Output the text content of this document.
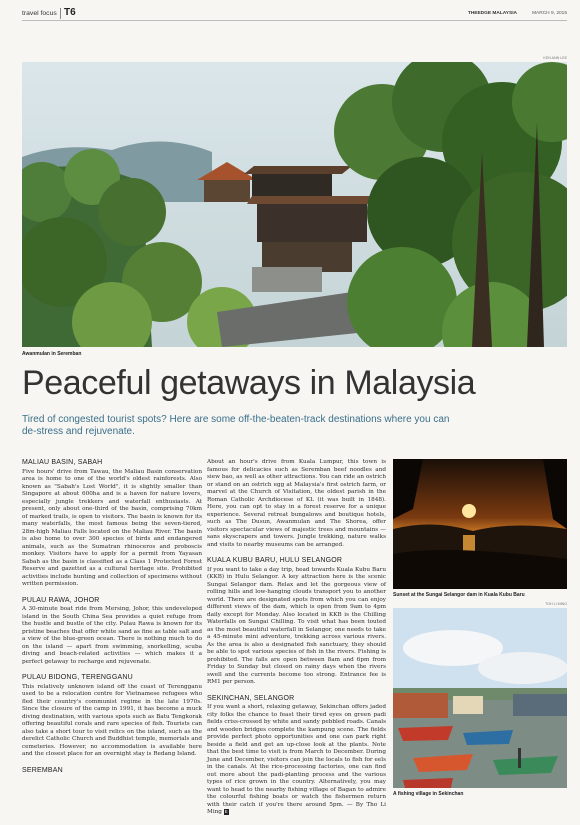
travel focus T6	THEEDGE MALAYSIA	MARCH 9, 2015
KEN ANN LEE
Awanmulan in Seremban
Peaceful getaways in Malaysia
Tired of congested tourist spots? Here are some off-the-beaten-track destinations where you can de-stress and rejuvenate.
MALIAU BASIN, SABAH

Five hours' drive from Tawau, the Maliau Basin conservation area is home to one of the world's oldest rainforests. Also known as "Sabah's Lost World", it is slightly smaller than Singapore at about 600ha and is a haven for nature lovers, especially jungle trekkers and waterfall enthusiasts. At present, only about one-third of the basin, comprising 70km of marked trails, is open to visitors. The basin is known for its many waterfalls, the most famous being the seven-tiered, 28m-high Maliau Falls located on the Maliau River. The basin is also home to over 300 species of birds and endangered animals, such as the Sumatran rhinoceros and proboscis monkey. Visitors have to apply for a permit from Yayasan Sabah as the basin is classified as a Class 1 Protected Forest Reserve and gazetted as a cultural heritage site. Prohibited activities include hunting and collection of specimens without written permission.

PULAU RAWA, JOHOR

A 30-minute boat ride from Mersing, Johor, this undeveloped island in the South China Sea provides a quiet refuge from the hustle and bustle of the city. Pulau Rawa is known for its pristine beaches that offer white sand as fine as table salt and a view of the blue-green ocean. There is nothing much to do on the island — apart from swimming, snorkelling, scuba diving and beach-related activities — which makes it a perfect getaway to recharge and rejuvenate.

PULAU BIDONG, TERENGGANU

This relatively unknown island off the coast of Terengganu used to be a relocation centre for Vietnamese refugees who fled their country's communist regime in the late 1970s. Since the closure of the camp in 1991, it has become a muck diving destination, with various spots such as Batu Tengkorak offering beautiful corals and rare species of fish. Tourists can also take a short tour to visit relics on the island, such as the derelict Catholic Church and Buddhist temple, memorials and cemeteries. However, no accommodation is available here and the closest place for an overnight stay is Redang Island.

SEREMBAN

About an hour's drive from Kuala Lumpur, this town is famous for delicacies such as Seremban beef noodles and siew bao, as well as other attractions. You can ride an ostrich or stand on an ostrich egg at Malaysia's first ostrich farm, or marvel at the Church of Visitation, the oldest parish in the Roman Catholic Archdiocese of KL (it was built in 1848). Here, you can opt to stay in a forest reserve for a unique experience. Several retreat bungalows and boutique hotels, such as The Dusun, Awanmulan and The Shorea, offer visitors spectacular views of majestic trees and mountains — sans skyscrapers and towers. Jungle trekking, nature walks and visits to nearby museums can be arranged.

KUALA KUBU BARU, HULU SELANGOR

If you want to take a day trip, head towards Kuala Kubu Baru (KKB) in Hulu Selangor. A key attraction here is the scenic Sungai Selangor dam. Relax and let the gorgeous view of rolling hills and low-hanging clouds transport you to another world. There are designated spots from which you can enjoy different views of the dam, which is open from 9am to 4pm daily except for Monday. Also located in KKB is the Chilling Waterfalls on Sungai Chilling. To visit what has been touted as the most beautiful waterfall in Selangor, one needs to take a 45-minute mini adventure, trekking across various rivers. As the area is also a designated fish sanctuary, they should be able to spot various species of fish in the rivers. Fishing is prohibited. The falls are open between 8am and 6pm from Friday to Sunday but closed on rainy days when the rivers swell and the currents become too strong. Entrance fee is RM1 per person.

SEKINCHAN, SELANGOR

If you want a short, relaxing getaway, Sekinchan offers jaded city folks the chance to feast their tired eyes on green padi fields criss-crossed by white and sandy pebbled roads. Canals and wooden bridges complete the kampung scene. The fields provide perfect photo opportunities and one can park right beside a field and get an up-close look at the plants. Note that the best time to visit is from March to December. During June and December, visitors can join the locals to fish for eels in the canals. At the rice-processing factories, one can find out more about the padi-planting process and the various types of rice grown in the country. Alternatively, you may want to head to the nearby fishing village of Bagan to admire the colourful fishing boats or watch the fishermen return with their catch if you're there around 5pm. — By Tho Li Ming E

Sunset at the Sungai Selangor dam in Kuala Kubu Baru
TOH LI MING
A fishing village in Sekinchan
